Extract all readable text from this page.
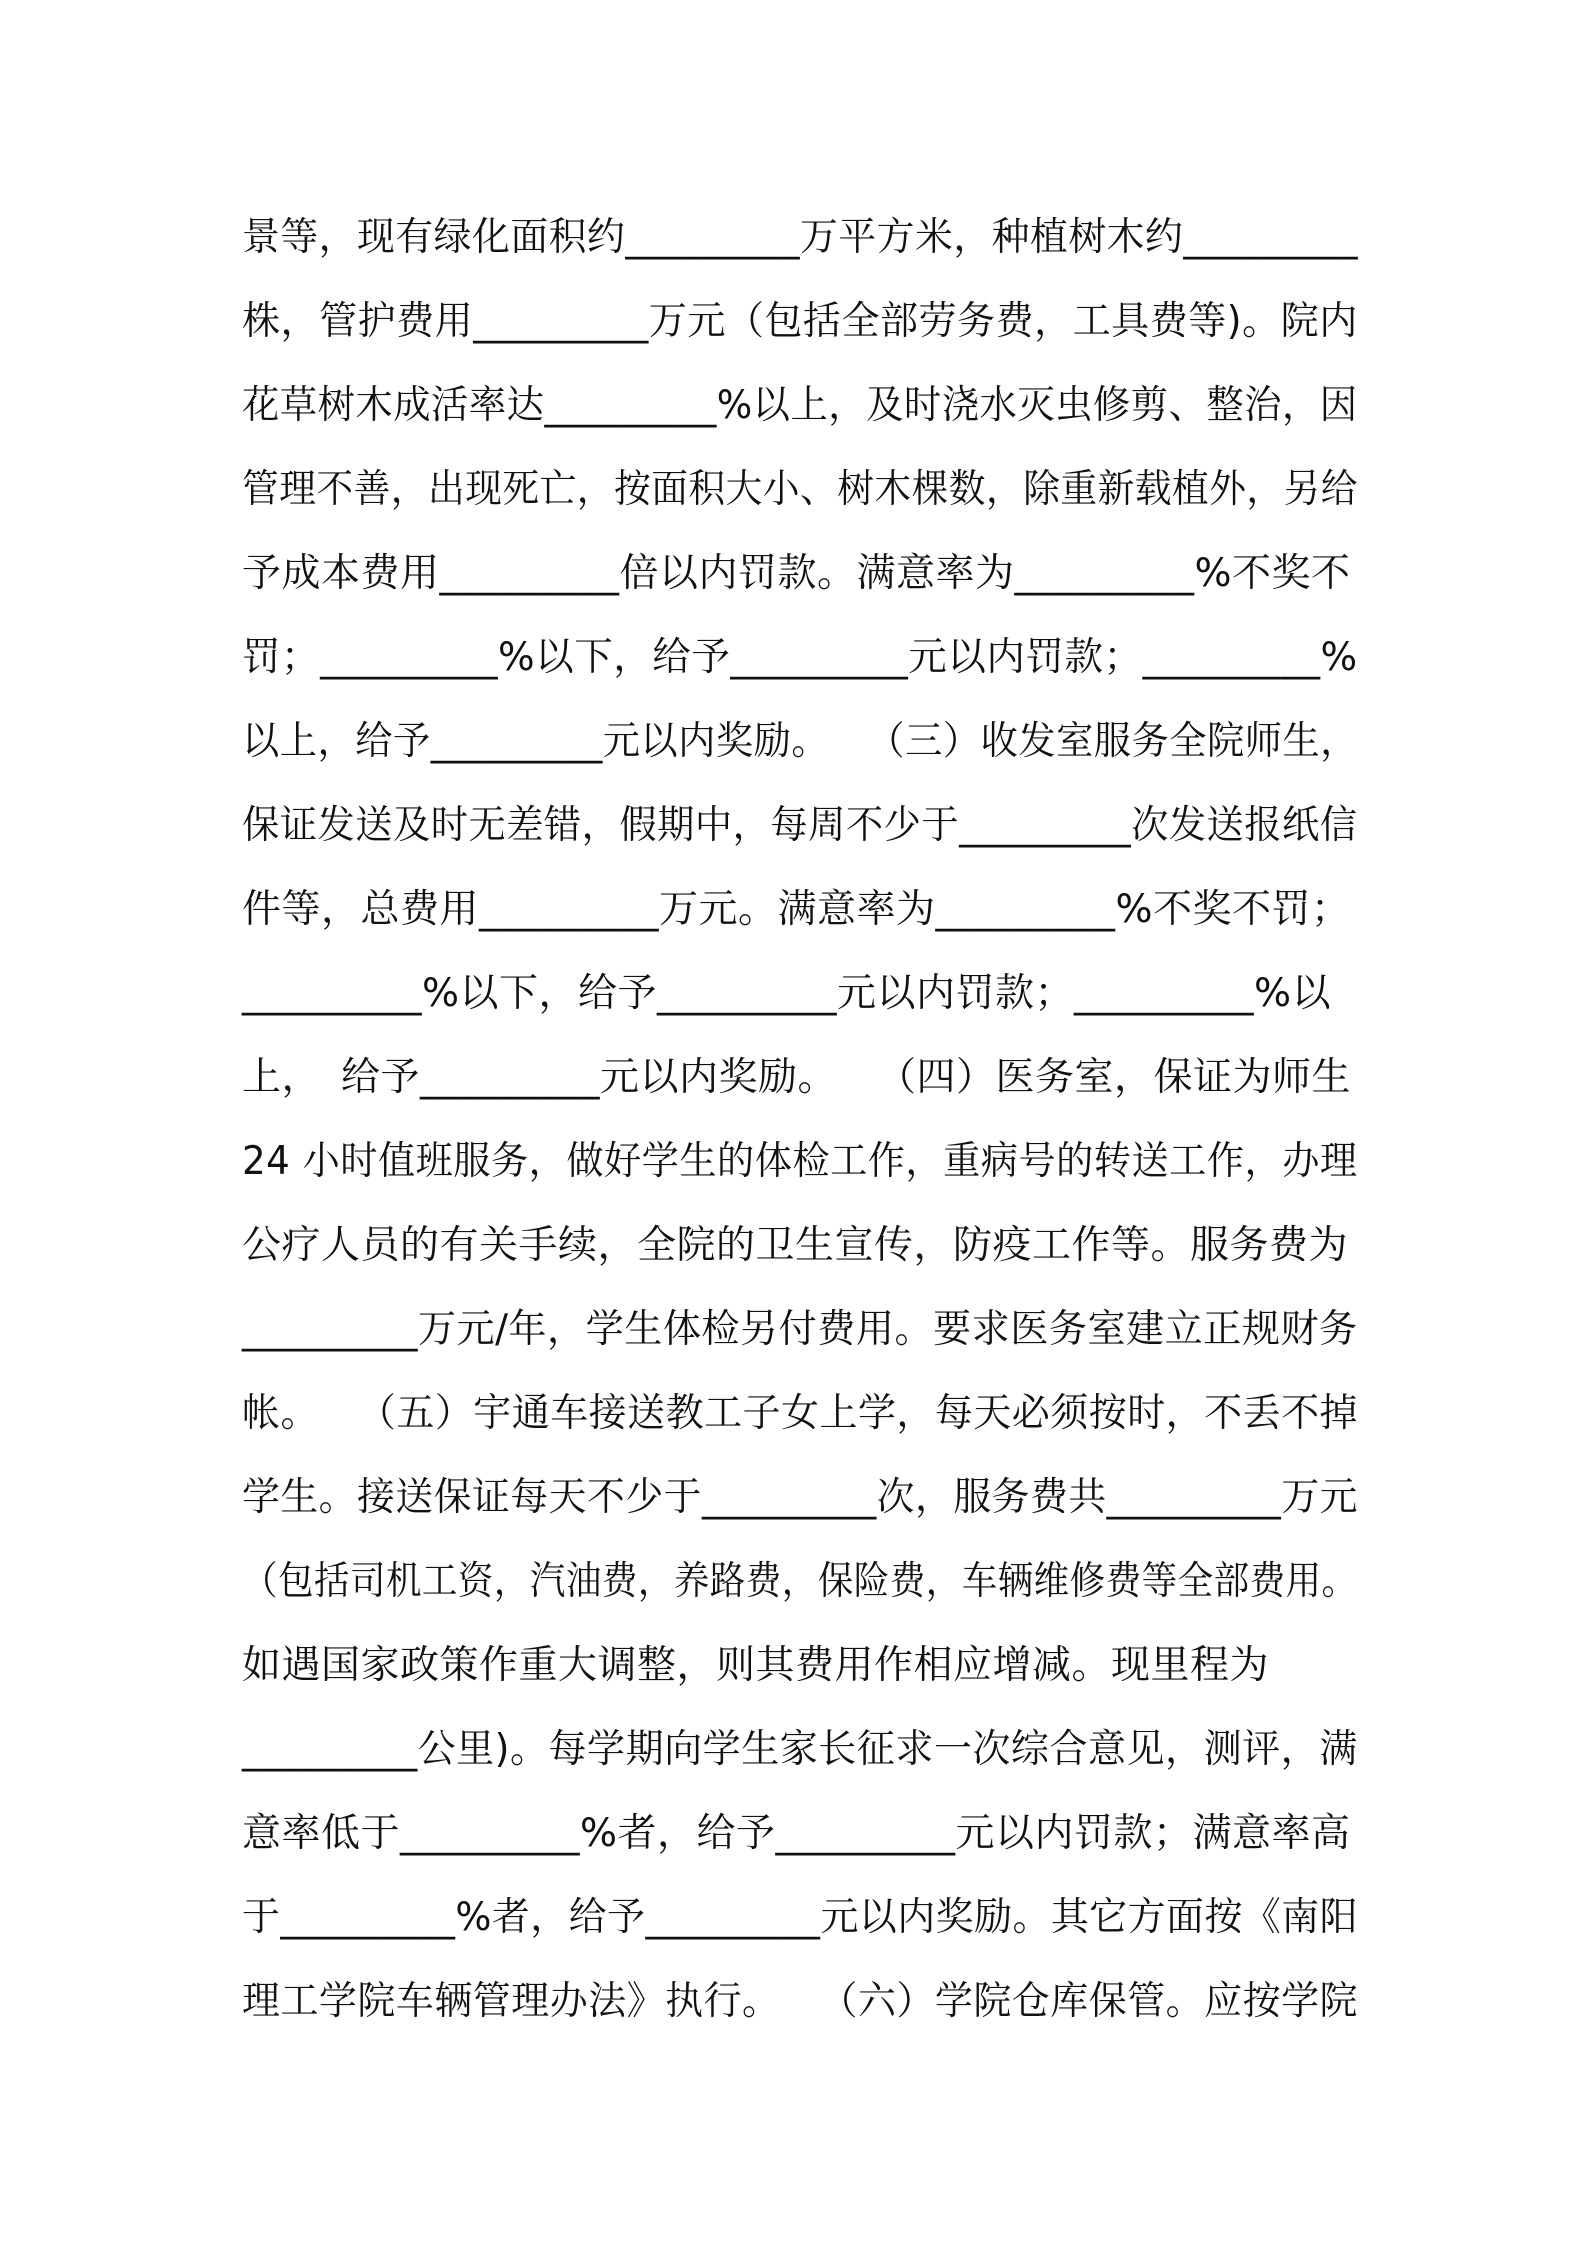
景等，现有绿化面积约_________万平方米，种植树木约_________
株，管护费用_________万元（包括全部劳务费，工具费等)。院内
花草树木成活率达_________%以上，及时浇水灭虫修剪、整治，因
管理不善，出现死亡，按面积大小、树木棵数，除重新载植外，另给
予成本费用_________倍以内罚款。满意率为_________%不奖不
罚；_________%以下，给予_________元以内罚款；_________%
以上，给予_________元以内奖励。　　（三）收发室服务全院师生，
保证发送及时无差错，假期中，每周不少于_________次发送报纸信
件等，总费用_________万元。满意率为_________%不奖不罚；
_________%以下，给予_________元以内罚款；_________%以
上，　给予_________元以内奖励。　　（四）医务室，保证为师生
24 小时值班服务，做好学生的体检工作，重病号的转送工作，办理
公疗人员的有关手续，全院的卫生宣传，防疫工作等。服务费为
_________万元/年，学生体检另付费用。要求医务室建立正规财务
帐。　　（五）宇通车接送教工子女上学，每天必须按时，不丢不掉
学生。接送保证每天不少于_________次，服务费共_________万元
（包括司机工资，汽油费，养路费，保险费，车辆维修费等全部费用。
如遇国家政策作重大调整，则其费用作相应增减。现里程为
_________公里)。每学期向学生家长征求一次综合意见，测评，满
意率低于_________%者，给予_________元以内罚款；满意率高
于_________%者，给予_________元以内奖励。其它方面按《南阳
理工学院车辆管理办法》执行。　　（六）学院仓库保管。应按学院
